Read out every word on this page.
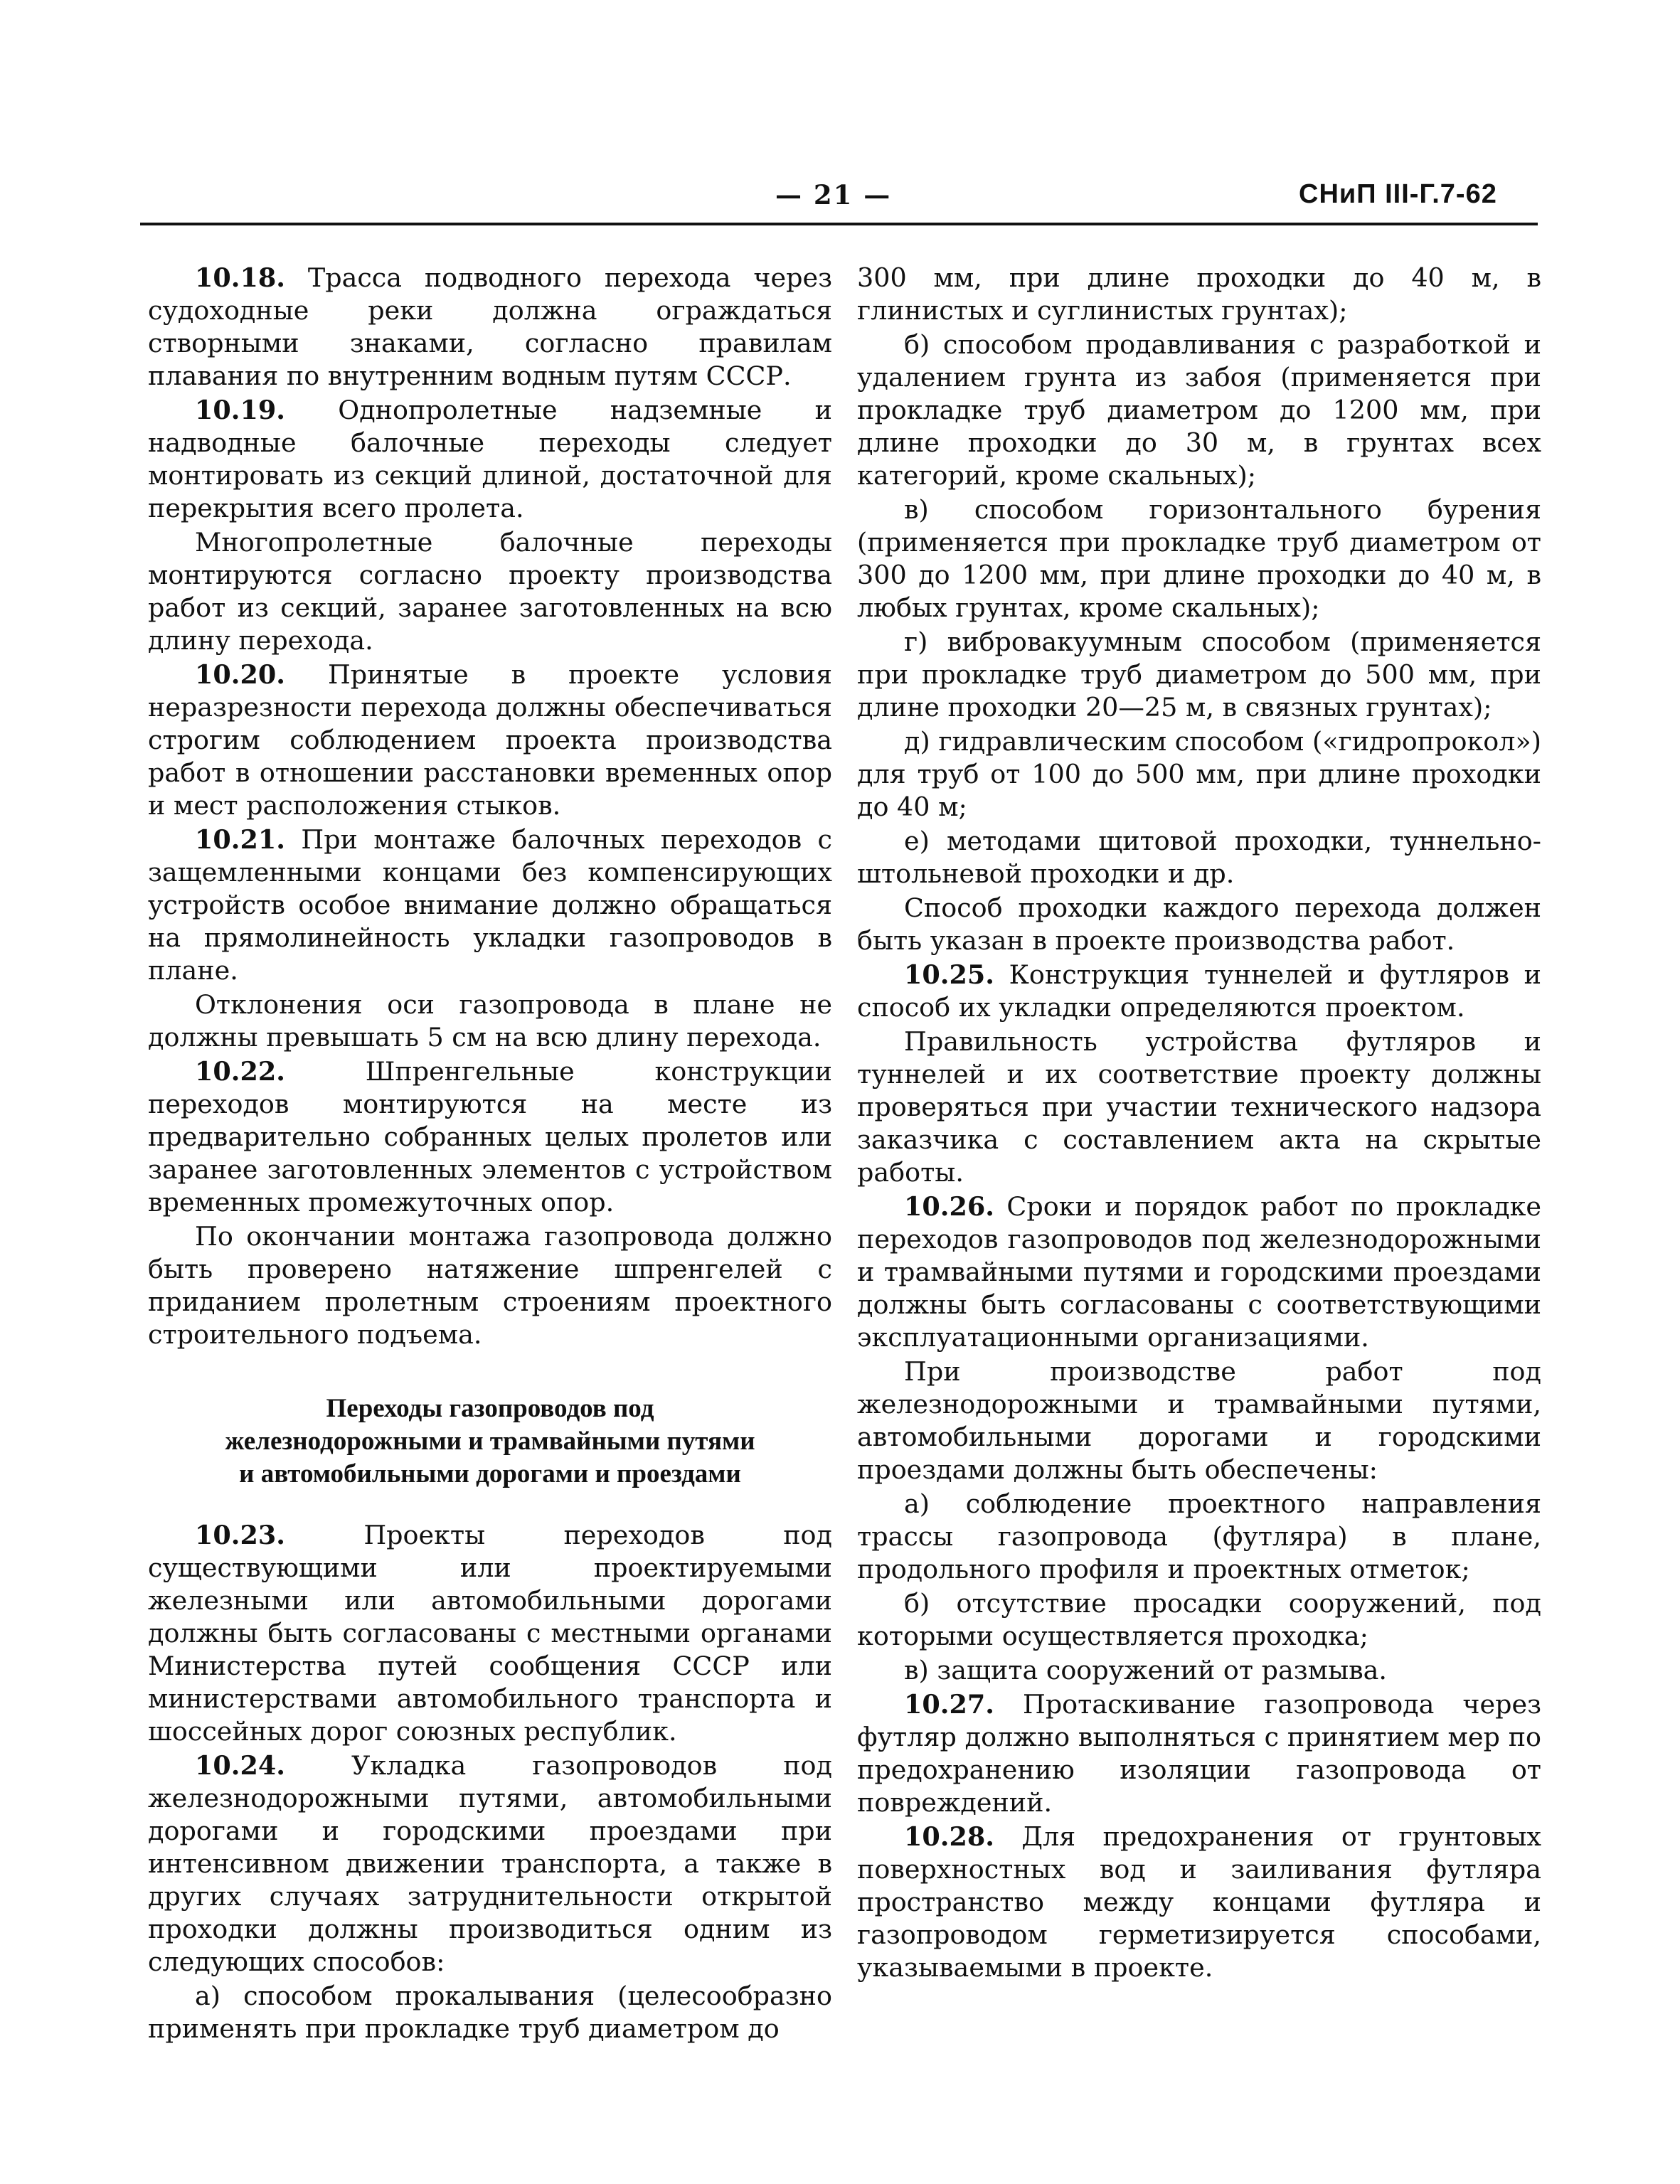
— 21 —	СНиП III-Г.7-62

10.18. Трасса подводного перехода через судоходные реки должна ограждаться створными знаками, согласно правилам плавания по внутренним водным путям СССР.

10.19. Однопролетные надземные и надводные балочные переходы следует монтировать из секций длиной, достаточной для перекрытия всего пролета.

Многопролетные балочные переходы монтируются согласно проекту производства работ из секций, заранее заготовленных на всю длину перехода.

10.20. Принятые в проекте условия неразрезности перехода должны обеспечиваться строгим соблюдением проекта производства работ в отношении расстановки временных опор и мест расположения стыков.

10.21. При монтаже балочных переходов с защемленными концами без компенсирующих устройств особое внимание должно обращаться на прямолинейность укладки газопроводов в плане.

Отклонения оси газопровода в плане не должны превышать 5 см на всю длину перехода.

10.22. Шпренгельные конструкции переходов монтируются на месте из предварительно собранных целых пролетов или заранее заготовленных элементов с устройством временных промежуточных опор.

По окончании монтажа газопровода должно быть проверено натяжение шпренгелей с приданием пролетным строениям проектного строительного подъема.

Переходы газопроводов под
железнодорожными и трамвайными путями
и автомобильными дорогами и проездами

10.23. Проекты переходов под существующими или проектируемыми железными или автомобильными дорогами должны быть согласованы с местными органами Министерства путей сообщения СССР или министерствами автомобильного транспорта и шоссейных дорог союзных республик.

10.24. Укладка газопроводов под железнодорожными путями, автомобильными дорогами и городскими проездами при интенсивном движении транспорта, а также в других случаях затруднительности открытой проходки должны производиться одним из следующих способов:

а) способом прокалывания (целесообразно применять при прокладке труб диаметром до

300 мм, при длине проходки до 40 м, в глинистых и суглинистых грунтах);

б) способом продавливания с разработкой и удалением грунта из забоя (применяется при прокладке труб диаметром до 1200 мм, при длине проходки до 30 м, в грунтах всех категорий, кроме скальных);

в) способом горизонтального бурения (применяется при прокладке труб диаметром от 300 до 1200 мм, при длине проходки до 40 м, в любых грунтах, кроме скальных);

г) вибровакуумным способом (применяется при прокладке труб диаметром до 500 мм, при длине проходки 20—25 м, в связных грунтах);

д) гидравлическим способом («гидропрокол») для труб от 100 до 500 мм, при длине проходки до 40 м;

е) методами щитовой проходки, туннельно-штольневой проходки и др.

Способ проходки каждого перехода должен быть указан в проекте производства работ.

10.25. Конструкция туннелей и футляров и способ их укладки определяются проектом.

Правильность устройства футляров и туннелей и их соответствие проекту должны проверяться при участии технического надзора заказчика с составлением акта на скрытые работы.

10.26. Сроки и порядок работ по прокладке переходов газопроводов под железнодорожными и трамвайными путями и городскими проездами должны быть согласованы с соответствующими эксплуатационными организациями.

При производстве работ под железнодорожными и трамвайными путями, автомобильными дорогами и городскими проездами должны быть обеспечены:

а) соблюдение проектного направления трассы газопровода (футляра) в плане, продольного профиля и проектных отметок;

б) отсутствие просадки сооружений, под которыми осуществляется проходка;

в) защита сооружений от размыва.

10.27. Протаскивание газопровода через футляр должно выполняться с принятием мер по предохранению изоляции газопровода от повреждений.

10.28. Для предохранения от грунтовых поверхностных вод и заиливания футляра пространство между концами футляра и газопроводом герметизируется способами, указываемыми в проекте.
